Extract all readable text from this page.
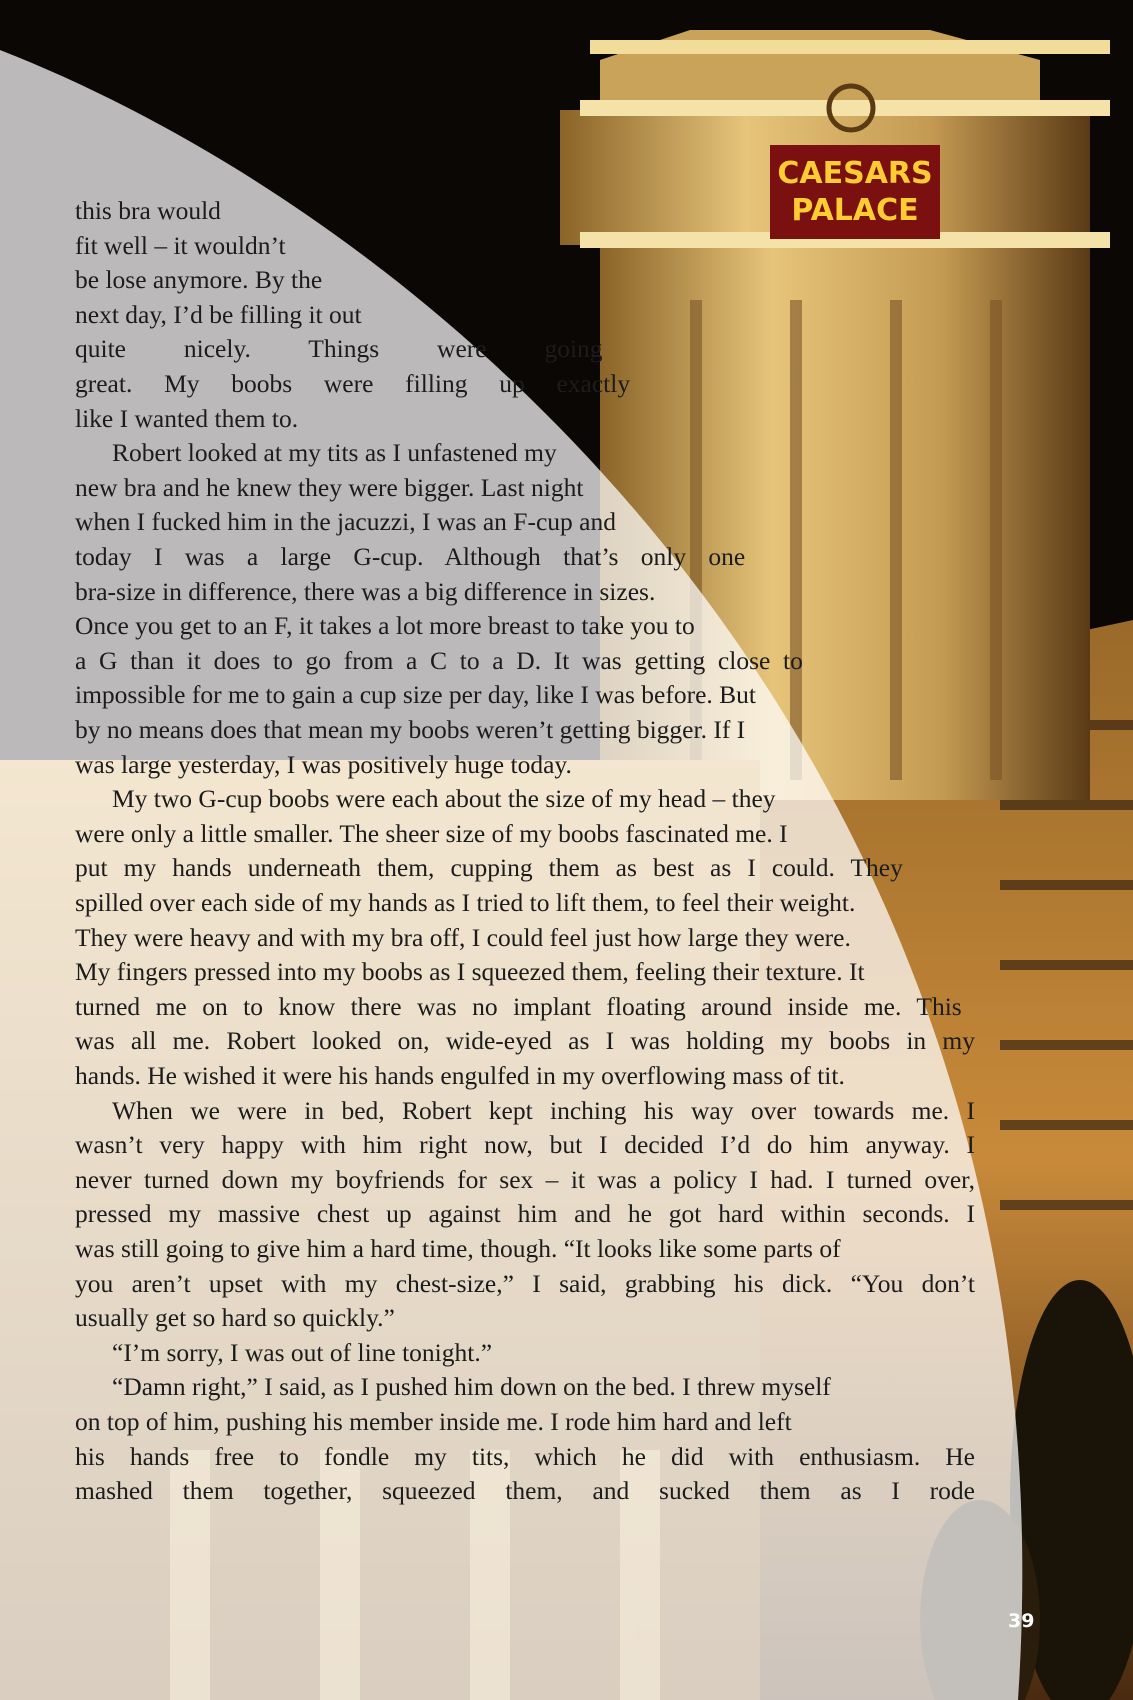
CAESARS
PALACE

this bra would

fit well – it wouldn’t

be lose anymore. By the

next day, I’d be filling it out

quite nicely. Things were going

great. My boobs were filling up exactly

like I wanted them to.

Robert looked at my tits as I unfastened my

new bra and he knew they were bigger. Last night

when I fucked him in the jacuzzi, I was an F-cup and

today I was a large G-cup. Although that’s only one

bra-size in difference, there was a big difference in sizes.

Once you get to an F, it takes a lot more breast to take you to

a G than it does to go from a C to a D. It was getting close to

impossible for me to gain a cup size per day, like I was before. But

by no means does that mean my boobs weren’t getting bigger. If I

was large yesterday, I was positively huge today.

My two G-cup boobs were each about the size of my head – they

were only a little smaller. The sheer size of my boobs fascinated me. I

put my hands underneath them, cupping them as best as I could. They

spilled over each side of my hands as I tried to lift them, to feel their weight.

They were heavy and with my bra off, I could feel just how large they were.

My fingers pressed into my boobs as I squeezed them, feeling their texture. It

turned me on to know there was no implant floating around inside me. This

was all me. Robert looked on, wide-eyed as I was holding my boobs in my

hands. He wished it were his hands engulfed in my overflowing mass of tit.

When we were in bed, Robert kept inching his way over towards me. I

wasn’t very happy with him right now, but I decided I’d do him anyway. I

never turned down my boyfriends for sex – it was a policy I had. I turned over,

pressed my massive chest up against him and he got hard within seconds. I

was still going to give him a hard time, though. “It looks like some parts of

you aren’t upset with my chest-size,” I said, grabbing his dick. “You don’t

usually get so hard so quickly.”

“I’m sorry, I was out of line tonight.”

“Damn right,” I said, as I pushed him down on the bed. I threw myself

on top of him, pushing his member inside me. I rode him hard and left

his hands free to fondle my tits, which he did with enthusiasm. He

mashed them together, squeezed them, and sucked them as I rode

39
